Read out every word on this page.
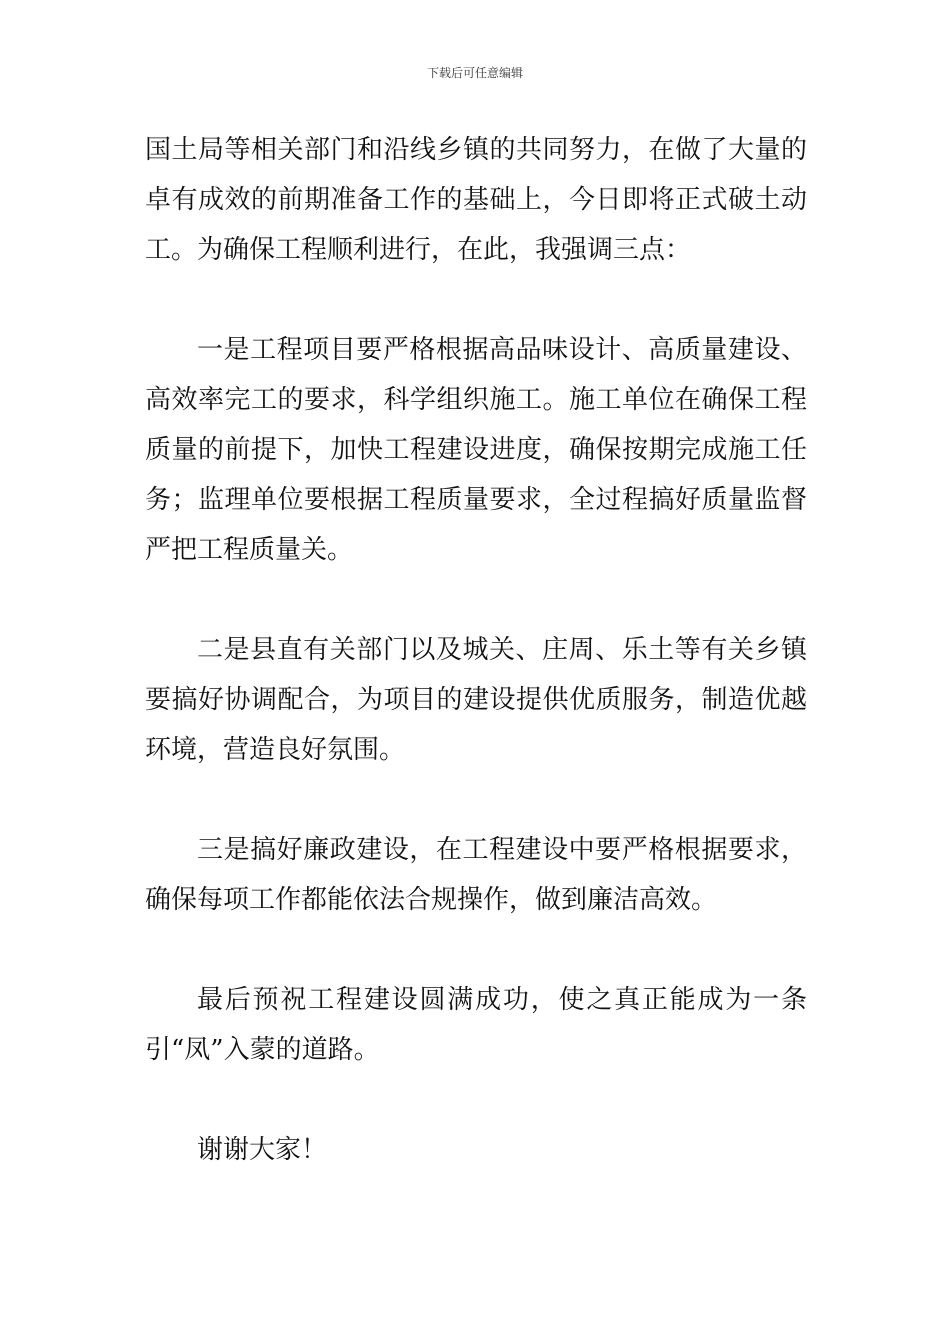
下载后可任意编辑

国土局等相关部门和沿线乡镇的共同努力，在做了大量的卓有成效的前期准备工作的基础上，今日即将正式破土动工。为确保工程顺利进行，在此，我强调三点：

一是工程项目要严格根据高品味设计、高质量建设、高效率完工的要求，科学组织施工。施工单位在确保工程质量的前提下，加快工程建设进度，确保按期完成施工任务；监理单位要根据工程质量要求，全过程搞好质量监督严把工程质量关。

二是县直有关部门以及城关、庄周、乐土等有关乡镇要搞好协调配合，为项目的建设提供优质服务，制造优越环境，营造良好氛围。

三是搞好廉政建设，在工程建设中要严格根据要求，确保每项工作都能依法合规操作，做到廉洁高效。

最后预祝工程建设圆满成功，使之真正能成为一条引“凤”入蒙的道路。

谢谢大家！
